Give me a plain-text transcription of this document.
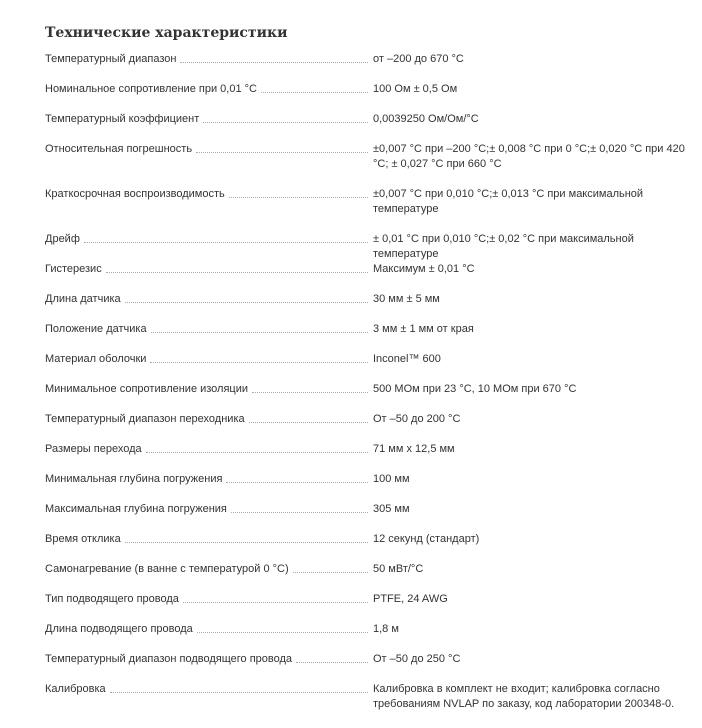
Технические характеристики
Температурный диапазон	от –200 до 670 °C
Номинальное сопротивление при 0,01 °C	100 Ом ± 0,5 Ом
Температурный коэффициент	0,0039250 Ом/Ом/°C
Относительная погрешность	±0,007 °C при –200 °C;± 0,008 °C при 0 °C;± 0,020 °C при 420 °C; ± 0,027 °C при 660 °C
Краткосрочная воспроизводимость	±0,007 °C при 0,010 °C;± 0,013 °C при максимальной температуре
Дрейф	± 0,01 °C при 0,010 °C;± 0,02 °C при максимальной температуре
Гистерезис	Максимум ± 0,01 °C
Длина датчика	30 мм ± 5 мм
Положение датчика	3 мм ± 1 мм от края
Материал оболочки	Inconel™ 600
Минимальное сопротивление изоляции	500 МОм при 23 °C, 10 МОм при 670 °C
Температурный диапазон переходника	От –50 до 200 °C
Размеры перехода	71 мм x 12,5 мм
Минимальная глубина погружения	100 мм
Максимальная глубина погружения	305 мм
Время отклика	12 секунд (стандарт)
Самонагревание (в ванне с температурой 0 °C)	50 мВт/°C
Тип подводящего провода	PTFE, 24 AWG
Длина подводящего провода	1,8 м
Температурный диапазон подводящего провода	От –50 до 250 °C
Калибровка	Калибровка в комплект не входит; калибровка согласно требованиям NVLAP по заказу, код лаборатории 200348-0.
